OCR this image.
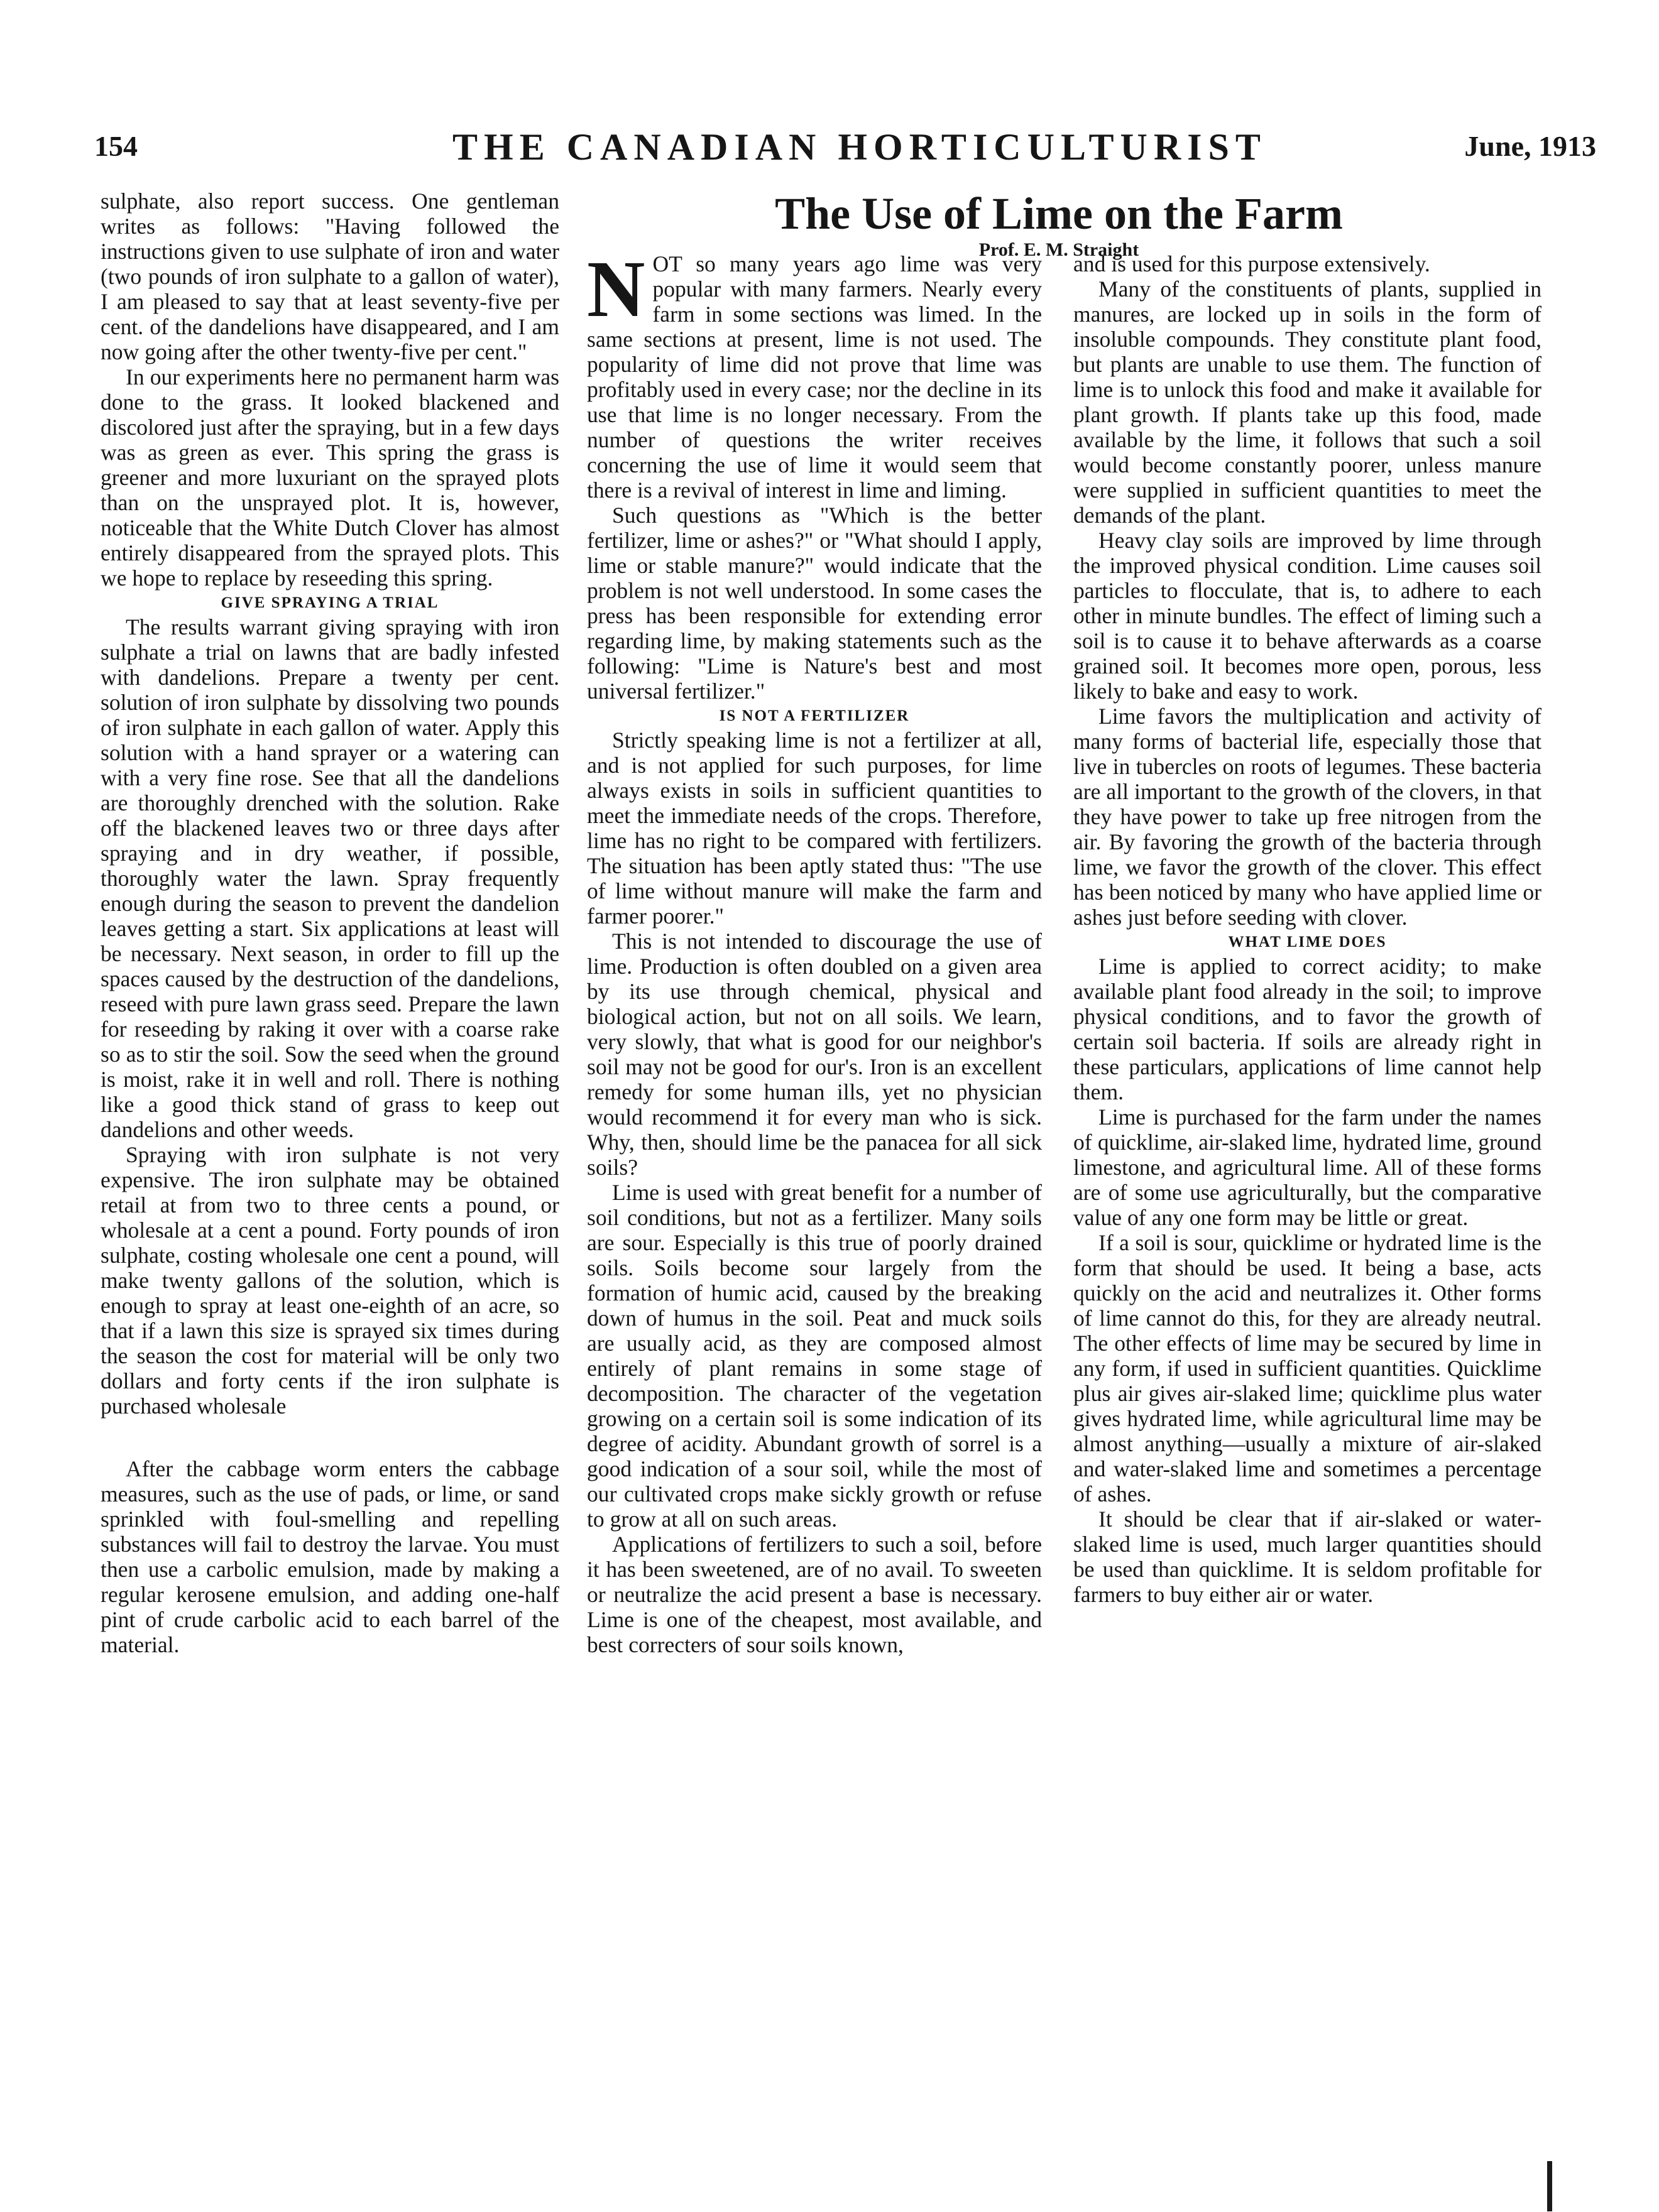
154	THE CANADIAN HORTICULTURIST	June, 1913

sulphate, also report success. One gentleman writes as follows: "Having followed the instructions given to use sulphate of iron and water (two pounds of iron sulphate to a gallon of water), I am pleased to say that at least seventy-five per cent. of the dandelions have disappeared, and I am now going after the other twenty-five per cent."

In our experiments here no permanent harm was done to the grass. It looked blackened and discolored just after the spraying, but in a few days was as green as ever. This spring the grass is greener and more luxuriant on the sprayed plots than on the unsprayed plot. It is, however, noticeable that the White Dutch Clover has almost entirely disappeared from the sprayed plots. This we hope to replace by reseeding this spring.

GIVE SPRAYING A TRIAL

The results warrant giving spraying with iron sulphate a trial on lawns that are badly infested with dandelions. Prepare a twenty per cent. solution of iron sulphate by dissolving two pounds of iron sulphate in each gallon of water. Apply this solution with a hand sprayer or a watering can with a very fine rose. See that all the dandelions are thoroughly drenched with the solution. Rake off the blackened leaves two or three days after spraying and in dry weather, if possible, thoroughly water the lawn. Spray frequently enough during the season to prevent the dandelion leaves getting a start. Six applications at least will be necessary. Next season, in order to fill up the spaces caused by the destruction of the dandelions, reseed with pure lawn grass seed. Prepare the lawn for reseeding by raking it over with a coarse rake so as to stir the soil. Sow the seed when the ground is moist, rake it in well and roll. There is nothing like a good thick stand of grass to keep out dandelions and other weeds.

Spraying with iron sulphate is not very expensive. The iron sulphate may be obtained retail at from two to three cents a pound, or wholesale at a cent a pound. Forty pounds of iron sulphate, costing wholesale one cent a pound, will make twenty gallons of the solution, which is enough to spray at least one-eighth of an acre, so that if a lawn this size is sprayed six times during the season the cost for material will be only two dollars and forty cents if the iron sulphate is purchased wholesale

After the cabbage worm enters the cabbage measures, such as the use of pads, or lime, or sand sprinkled with foul-smelling and repelling substances will fail to destroy the larvae. You must then use a carbolic emulsion, made by making a regular kerosene emulsion, and adding one-half pint of crude carbolic acid to each barrel of the material.

The Use of Lime on the Farm

Prof. E. M. Straight

NOT so many years ago lime was very popular with many farmers. Nearly every farm in some sections was limed. In the same sections at present, lime is not used. The popularity of lime did not prove that lime was profitably used in every case; nor the decline in its use that lime is no longer necessary. From the number of questions the writer receives concerning the use of lime it would seem that there is a revival of interest in lime and liming.

Such questions as "Which is the better fertilizer, lime or ashes?" or "What should I apply, lime or stable manure?" would indicate that the problem is not well understood. In some cases the press has been responsible for extending error regarding lime, by making statements such as the following: "Lime is Nature's best and most universal fertilizer."

IS NOT A FERTILIZER

Strictly speaking lime is not a fertilizer at all, and is not applied for such purposes, for lime always exists in soils in sufficient quantities to meet the immediate needs of the crops. Therefore, lime has no right to be compared with fertilizers. The situation has been aptly stated thus: "The use of lime without manure will make the farm and farmer poorer."

This is not intended to discourage the use of lime. Production is often doubled on a given area by its use through chemical, physical and biological action, but not on all soils. We learn, very slowly, that what is good for our neighbor's soil may not be good for our's. Iron is an excellent remedy for some human ills, yet no physician would recommend it for every man who is sick. Why, then, should lime be the panacea for all sick soils?

Lime is used with great benefit for a number of soil conditions, but not as a fertilizer. Many soils are sour. Especially is this true of poorly drained soils. Soils become sour largely from the formation of humic acid, caused by the breaking down of humus in the soil. Peat and muck soils are usually acid, as they are composed almost entirely of plant remains in some stage of decomposition. The character of the vegetation growing on a certain soil is some indication of its degree of acidity. Abundant growth of sorrel is a good indication of a sour soil, while the most of our cultivated crops make sickly growth or refuse to grow at all on such areas.

Applications of fertilizers to such a soil, before it has been sweetened, are of no avail. To sweeten or neutralize the acid present a base is necessary. Lime is one of the cheapest, most available, and best correcters of sour soils known,

and is used for this purpose extensively.

Many of the constituents of plants, supplied in manures, are locked up in soils in the form of insoluble compounds. They constitute plant food, but plants are unable to use them. The function of lime is to unlock this food and make it available for plant growth. If plants take up this food, made available by the lime, it follows that such a soil would become constantly poorer, unless manure were supplied in sufficient quantities to meet the demands of the plant.

Heavy clay soils are improved by lime through the improved physical condition. Lime causes soil particles to flocculate, that is, to adhere to each other in minute bundles. The effect of liming such a soil is to cause it to behave afterwards as a coarse grained soil. It becomes more open, porous, less likely to bake and easy to work.

Lime favors the multiplication and activity of many forms of bacterial life, especially those that live in tubercles on roots of legumes. These bacteria are all important to the growth of the clovers, in that they have power to take up free nitrogen from the air. By favoring the growth of the bacteria through lime, we favor the growth of the clover. This effect has been noticed by many who have applied lime or ashes just before seeding with clover.

WHAT LIME DOES

Lime is applied to correct acidity; to make available plant food already in the soil; to improve physical conditions, and to favor the growth of certain soil bacteria. If soils are already right in these particulars, applications of lime cannot help them.

Lime is purchased for the farm under the names of quicklime, air-slaked lime, hydrated lime, ground limestone, and agricultural lime. All of these forms are of some use agriculturally, but the comparative value of any one form may be little or great.

If a soil is sour, quicklime or hydrated lime is the form that should be used. It being a base, acts quickly on the acid and neutralizes it. Other forms of lime cannot do this, for they are already neutral. The other effects of lime may be secured by lime in any form, if used in sufficient quantities. Quicklime plus air gives air-slaked lime; quicklime plus water gives hydrated lime, while agricultural lime may be almost anything—usually a mixture of air-slaked and water-slaked lime and sometimes a percentage of ashes.

It should be clear that if air-slaked or water-slaked lime is used, much larger quantities should be used than quicklime. It is seldom profitable for farmers to buy either air or water.
